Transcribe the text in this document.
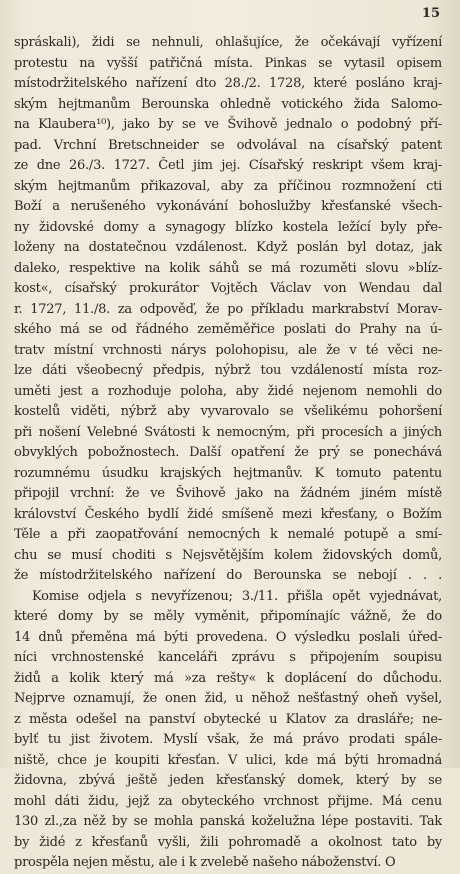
15
spráskali), židi se nehnuli, ohlašujíce, že očekávají vyřízení
protestu na vyšší patřičná místa. Pinkas se vytasil opisem
místodržitelského nařízení dto 28./2. 1728, které posláno kraj-
ským hejtmanům Berounska ohledně votického žida Salomo-
na Klaubera¹⁰), jako by se ve Švihově jednalo o podobný pří-
pad. Vrchní Bretschneider se odvolával na císařský patent
ze dne 26./3. 1727. Četl jim jej. Císařský reskript všem kraj-
ským hejtmanům přikazoval, aby za příčinou rozmnožení cti
Boží a nerušeného vykonávání bohoslužby křesťanské všech-
ny židovské domy a synagogy blízko kostela ležící byly pře-
loženy na dostatečnou vzdálenost. Když poslán byl dotaz, jak
daleko, respektive na kolik sáhů se má rozuměti slovu »blíz-
kost«, císařský prokurátor Vojtěch Václav von Wendau dal
r. 1727, 11./8. za odpověď, že po příkladu markrabství Morav-
ského má se od řádného zeměměřice poslati do Prahy na ú-
tratv místní vrchnosti nárys polohopisu, ale že v té věci ne-
lze dáti všeobecný předpis, nýbrž tou vzdáleností místa roz-
uměti jest a rozhoduje poloha, aby židé nejenom nemohli do
kostelů viděti, nýbrž aby vyvarovalo se všelikému pohoršení
při nošení Velebné Svátosti k nemocným, při procesích a jiných
obvyklých pobožnostech. Další opatření že prý se ponechává
rozumnému úsudku krajských hejtmanův. K tomuto patentu
připojil vrchní: že ve Švihově jako na žádném jiném místě
království Českého bydlí židé smíšeně mezi křesťany, o Božím
Těle a při zaopatřování nemocných k nemalé potupě a smí-
chu se musí choditi s Nejsvětějším kolem židovských domů,
že místodržitelského nařízení do Berounska se nebojí . . .
Komise odjela s nevyřízenou; 3./11. přišla opět vyjednávat,
které domy by se měly vyměnit, připomínajíc vážně, že do
14 dnů přeměna má býti provedena. O výsledku poslali úřed-
níci vrchnostenské kanceláři zprávu s připojením soupisu
židů a kolik který má »za rešty« k doplácení do důchodu.
Nejprve oznamují, že onen žid, u něhož nešťastný oheň vyšel,
z města odešel na panství obytecké u Klatov za drasláře; ne-
bylť tu jist životem. Myslí však, že má právo prodati spále-
niště, chce je koupiti křesťan. V ulici, kde má býti hromadná
židovna, zbývá ještě jeden křesťanský domek, který by se
mohl dáti židu, jejž za obyteckého vrchnost přijme. Má cenu
130 zl.,za něž by se mohla panská koželužna lépe postaviti. Tak
by židé z křesťanů vyšli, žili pohromadě a okolnost tato by
prospěla nejen městu, ale i k zvelebě našeho náboženství. O
